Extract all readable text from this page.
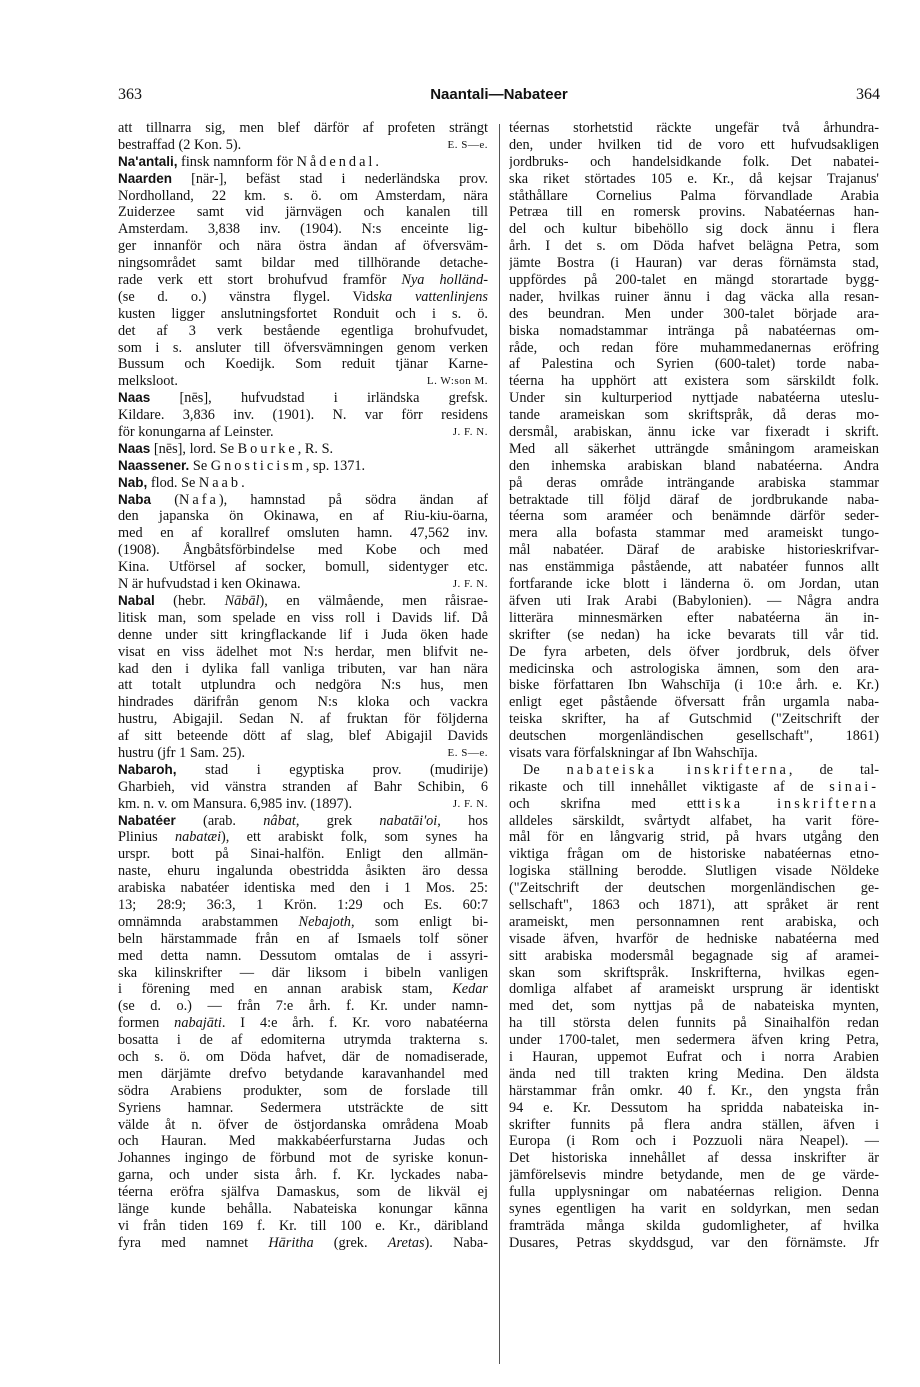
363	Naantali—Nabateer	364
att tillnarra sig, men blef därför af profeten strängt
E. S—e.
bestraffad (2 Kon. 5).
Na'antali, finsk namnform för Nådendal.
Naarden [när-], befäst stad i nederländska prov.
Nordholland, 22 km. s. ö. om Amsterdam, nära
Zuiderzee samt vid järnvägen och kanalen till
Amsterdam. 3,838 inv. (1904). N:s enceinte lig-
ger innanför och nära östra ändan af öfversväm-
ningsområdet samt bildar med tillhörande detache-
rade verk ett stort brohufvud framför Nya holländ-
(se d. o.) vänstra flygel. Vidska vattenlinjens
kusten ligger anslutningsfortet Ronduit och i s. ö.
det af 3 verk bestående egentliga brohufvudet,
som i s. ansluter till öfversvämningen genom verken
Bussum och Koedijk. Som reduit tjänar Karne-
L. W:son M.
melksloot.
Naas [nēs], hufvudstad i irländska grefsk.
Kildare. 3,836 inv. (1901). N. var förr residens
J. F. N.
för konungarna af Leinster.
Naas [nēs], lord. Se Bourke, R. S.
Naassener. Se Gnosticism, sp. 1371.
Nab, flod. Se Naab.
Naba (Nafa), hamnstad på södra ändan af
den japanska ön Okinawa, en af Riu-kiu-öarna,
med en af korallref omsluten hamn. 47,562 inv.
(1908). Ångbåtsförbindelse med Kobe och med
Kina. Utförsel af socker, bomull, sidentyger etc.
J. F. N.
N är hufvudstad i ken Okinawa.
Nabal (hebr. Nābāl), en välmående, men råisrae-
litisk man, som spelade en viss roll i Davids lif. Då
denne under sitt kringflackande lif i Juda öken hade
visat en viss ädelhet mot N:s herdar, men blifvit ne-
kad den i dylika fall vanliga tributen, var han nära
att totalt utplundra och nedgöra N:s hus, men
hindrades därifrån genom N:s kloka och vackra
hustru, Abigajil. Sedan N. af fruktan för följderna
af sitt beteende dött af slag, blef Abigajil Davids
E. S—e.
hustru (jfr 1 Sam. 25).
Nabaroh, stad i egyptiska prov. (mudirije)
Gharbieh, vid vänstra stranden af Bahr Schibin, 6
J. F. N.
km. n. v. om Mansura. 6,985 inv. (1897).
Nabatéer (arab. nâbat, grek nabatāi'oi, hos
Plinius nabatæi), ett arabiskt folk, som synes ha
urspr. bott på Sinai-halfön. Enligt den allmän-
naste, ehuru ingalunda obestridda åsikten äro dessa
arabiska nabatéer identiska med den i 1 Mos. 25:
13; 28:9; 36:3, 1 Krön. 1:29 och Es. 60:7
omnämnda arabstammen Nebajoth, som enligt bi-
beln härstammade från en af Ismaels tolf söner
med detta namn. Dessutom omtalas de i assyri-
ska kilinskrifter — där liksom i bibeln vanligen
i förening med en annan arabisk stam, Kedar
(se d. o.) — från 7:e årh. f. Kr. under namn-
formen nabajāti. I 4:e årh. f. Kr. voro nabatéerna
bosatta i de af edomiterna utrymda trakterna s.
och s. ö. om Döda hafvet, där de nomadiserade,
men därjämte drefvo betydande karavanhandel med
södra Arabiens produkter, som de forslade till
Syriens hamnar. Sedermera utsträckte de sitt
välde åt n. öfver de östjordanska områdena Moab
och Hauran. Med makkabéerfurstarna Judas och
Johannes ingingo de förbund mot de syriske konun-
garna, och under sista årh. f. Kr. lyckades naba-
téerna eröfra själfva Damaskus, som de likväl ej
länge kunde behålla. Nabateiska konungar kānna
vi från tiden 169 f. Kr. till 100 e. Kr., däribland
fyra med namnet Hāritha (grek. Aretas). Naba-
téernas storhetstid räckte ungefär två århundra-
den, under hvilken tid de voro ett hufvudsakligen
jordbruks- och handelsidkande folk. Det nabatei-
ska riket störtades 105 e. Kr., då kejsar Trajanus'
ståthållare Cornelius Palma förvandlade Arabia
Petræa till en romersk provins. Nabatéernas han-
del och kultur bibehöllo sig dock ännu i flera
årh. I det s. om Döda hafvet belägna Petra, som
jämte Bostra (i Hauran) var deras förnämsta stad,
uppfördes på 200-talet en mängd storartade bygg-
nader, hvilkas ruiner ännu i dag väcka alla resan-
des beundran. Men under 300-talet började ara-
biska nomadstammar inträngа på nabatéernas om-
råde, och redan före muhammedanernas eröfring
af Palestina och Syrien (600-talet) torde naba-
téerna ha upphört att existera som särskildt folk.
Under sin kulturperiod nyttjade nabatéerna uteslu-
tande arameiskan som skriftspråk, då deras mo-
dersmål, arabiskan, ännu icke var fixeradt i skrift.
Med all säkerhet utträngde småningom arameiskan
den inhemska arabiskan bland nabatéerna. Andra
på deras område inträngande arabiska stammar
betraktade till följd däraf de jordbrukande naba-
téerna som araméer och benämnde därför seder-
mera alla bofasta stammar med arameiskt tungo-
mål nabatéer. Däraf de arabiske historieskrifvar-
nas enstämmiga påstående, att nabatéer funnos allt
fortfarande icke blott i länderna ö. om Jordan, utan
äfven uti Irak Arabi (Babylonien). — Några andra
litterära minnesmärken efter nabatéerna än in-
skrifter (se nedan) ha icke bevarats till vår tid.
De fyra arbeten, dels öfver jordbruk, dels öfver
medicinska och astrologiska ämnen, som den ara-
biske författaren Ibn Wahschīja (i 10:e årh. e. Kr.)
enligt eget påstående öfversatt från urgamla naba-
teiska skrifter, ha af Gutschmid ("Zeitschrift der
deutschen morgenländischen gesellschaft", 1861)
visats vara förfalskningar af Ibn Wahschīja.
De nabateiska inskrifterna, de tal-
rikaste och till innehållet viktigaste af de sinai-
och skrifna med etttiska inskrifterna
alldeles särskildt, svårtydt alfabet, ha varit före-
mål för en långvarig strid, på hvars utgång den
viktiga frågan om de historiske nabatéernas etno-
logiska ställning berodde. Slutligen visade Nöldeke
("Zeitschrift der deutschen morgenländischen ge-
sellschaft", 1863 och 1871), att språket är rent
arameiskt, men personnamnen rent arabiska, och
visade äfven, hvarför de hedniske nabatéerna med
sitt arabiska modersmål begagnade sig af aramei-
skan som skriftspråk. Inskrifterna, hvilkas egen-
domliga alfabet af arameiskt ursprung är identiskt
med det, som nyttjas på de nabateiska mynten,
ha till största delen funnits på Sinaihalfön redan
under 1700-talet, men sedermera äfven kring Petra,
i Hauran, uppemot Eufrat och i norra Arabien
ända ned till trakten kring Medina. Den äldsta
härstammar från omkr. 40 f. Kr., den yngsta från
94 e. Kr. Dessutom ha spridda nabateiska in-
skrifter funnits på flera andra ställen, äfven i
Europa (i Rom och i Pozzuoli nära Neapel). —
Det historiska innehållet af dessa inskrifter är
jämförelsevis mindre betydande, men de ge värde-
fulla upplysningar om nabatéernas religion. Denna
synes egentligen ha varit en soldyrkan, men sedan
framträda många skilda gudomligheter, af hvilka
Dusares, Petras skyddsgud, var den förnämste. Jfr
